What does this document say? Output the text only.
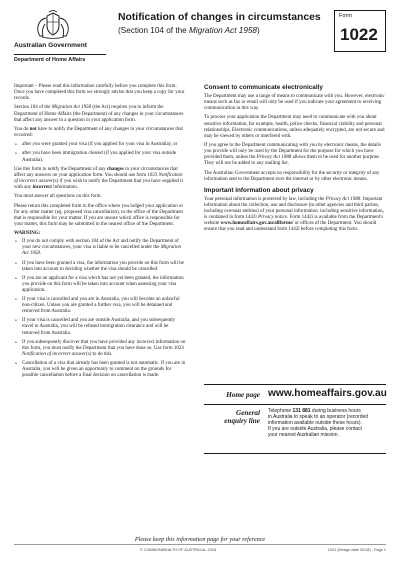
Australian Government
Department of Home Affairs
Notification of changes in circumstances
(Section 104 of the Migration Act 1958)
Form
1022
Important – Please read this information carefully before you complete this form. Once you have completed this form we strongly advise that you keep a copy for your records.
Section 104 of the Migration Act 1958 (the Act) requires you to inform the Department of Home Affairs (the Department) of any changes in your circumstances that affect any answer to a question in your application form.
You do not have to notify the Department of any changes in your circumstances that occurred:
• after you were granted your visa (if you applied for your visa in Australia); or
• after you have been immigration cleared (if you applied for your visa outside Australia).
Use this form to notify the Department of any changes in your circumstances that affect any answers on your application form. You should use form 1023 Notification of incorrect answer(s) if you wish to notify the Department that you have supplied it with any incorrect information.
You must answer all questions on this form.
Please return this completed form to the office where you lodged your application or for any other matter (eg. proposed visa cancellation), to the office of the Department that is responsible for your matter. If you are unsure which office is responsible for your matter, this form may be submitted to the nearest office of the Department.
WARNING:
• If you do not comply with section 104 of the Act and notify the Department of your new circumstances, your visa is liable to be cancelled under the Migration Act 1958.
• If you have been granted a visa, the information you provide on this form will be taken into account in deciding whether the visa should be cancelled.
• If you are an applicant for a visa which has not yet been granted, the information you provide on this form will be taken into account when assessing your visa application.
• If your visa is cancelled and you are in Australia, you will become an unlawful non-citizen. Unless you are granted a further visa, you will be detained and removed from Australia.
• If your visa is cancelled and you are outside Australia, and you subsequently travel to Australia, you will be refused immigration clearance and will be removed from Australia.
• If you subsequently discover that you have provided any incorrect information on this form, you must notify the Department that you have done so. Use form 1023 Notification of incorrect answer(s) to do this.
• Cancellation of a visa that already has been granted is not automatic. If you are in Australia, you will be given an opportunity to comment on the grounds for possible cancellation before a final decision on cancellation is made.
Consent to communicate electronically
The Department may use a range of means to communicate with you. However, electronic means such as fax or email will only be used if you indicate your agreement to receiving communication in this way.
To process your application the Department may need to communicate with you about sensitive information, for example, health, police checks, financial viability and personal relationships. Electronic communications, unless adequately encrypted, are not secure and may be viewed by others or interfered with.
If you agree to the Department communicating with you by electronic means, the details you provide will only be used by the Department for the purpose for which you have provided them, unless the Privacy Act 1988 allows them to be used for another purpose. They will not be added to any mailing list.
The Australian Government accepts no responsibility for the security or integrity of any information sent to the Department over the internet or by other electronic means.
Important information about privacy
Your personal information is protected by law, including the Privacy Act 1988. Important information about the collection, use and disclosure (to other agencies and third parties, including overseas entities) of your personal information, including sensitive information, is contained in form 1442i Privacy notice. Form 1442i is available from the Department's website www.homeaffairs.gov.au/allforms/ or offices of the Department. You should ensure that you read and understand form 1442i before completing this form.
Home page www.homeaffairs.gov.au
General
enquiry line
Telephone 131 881 during business hours
in Australia to speak to an operator (recorded
information available outside these hours).
If you are outside Australia, please contact
your nearest Australian mission.
Please keep this information page for your reference
© COMMONWEALTH OF AUSTRALIA, 2018	1022 (Design date 02/18) - Page 1
